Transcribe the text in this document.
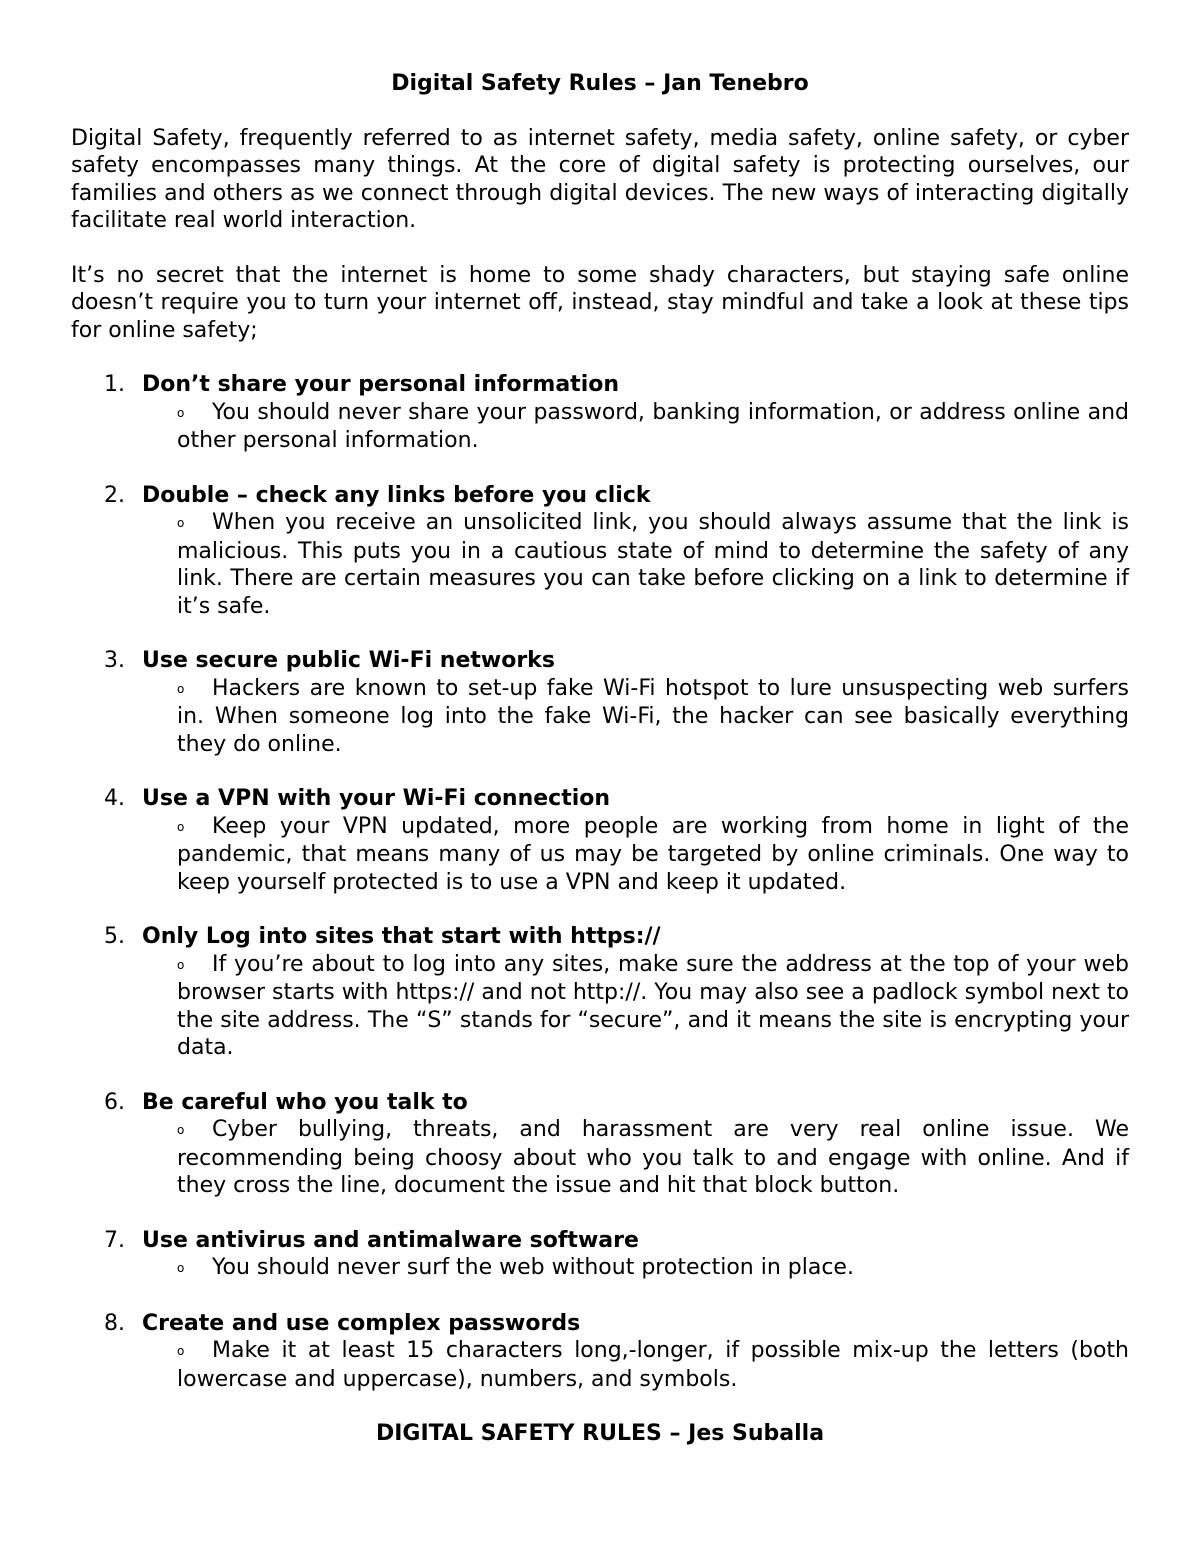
Digital Safety Rules – Jan Tenebro
Digital Safety, frequently referred to as internet safety, media safety, online safety, or cyber safety encompasses many things. At the core of digital safety is protecting ourselves, our families and others as we connect through digital devices. The new ways of interacting digitally facilitate real world interaction.
It’s no secret that the internet is home to some shady characters, but staying safe online doesn’t require you to turn your internet off, instead, stay mindful and take a look at these tips for online safety;
1. Don’t share your personal information
o You should never share your password, banking information, or address online and other personal information.
2. Double – check any links before you click
o When you receive an unsolicited link, you should always assume that the link is malicious. This puts you in a cautious state of mind to determine the safety of any link. There are certain measures you can take before clicking on a link to determine if it’s safe.
3. Use secure public Wi-Fi networks
o Hackers are known to set-up fake Wi-Fi hotspot to lure unsuspecting web surfers in. When someone log into the fake Wi-Fi, the hacker can see basically everything they do online.
4. Use a VPN with your Wi-Fi connection
o Keep your VPN updated, more people are working from home in light of the pandemic, that means many of us may be targeted by online criminals. One way to keep yourself protected is to use a VPN and keep it updated.
5. Only Log into sites that start with https://
o If you’re about to log into any sites, make sure the address at the top of your web browser starts with https:// and not http://. You may also see a padlock symbol next to the site address. The “S” stands for “secure”, and it means the site is encrypting your data.
6. Be careful who you talk to
o Cyber bullying, threats, and harassment are very real online issue. We recommending being choosy about who you talk to and engage with online. And if they cross the line, document the issue and hit that block button.
7. Use antivirus and antimalware software
o You should never surf the web without protection in place.
8. Create and use complex passwords
o Make it at least 15 characters long,-longer, if possible mix-up the letters (both lowercase and uppercase), numbers, and symbols.
DIGITAL SAFETY RULES – Jes Suballa
